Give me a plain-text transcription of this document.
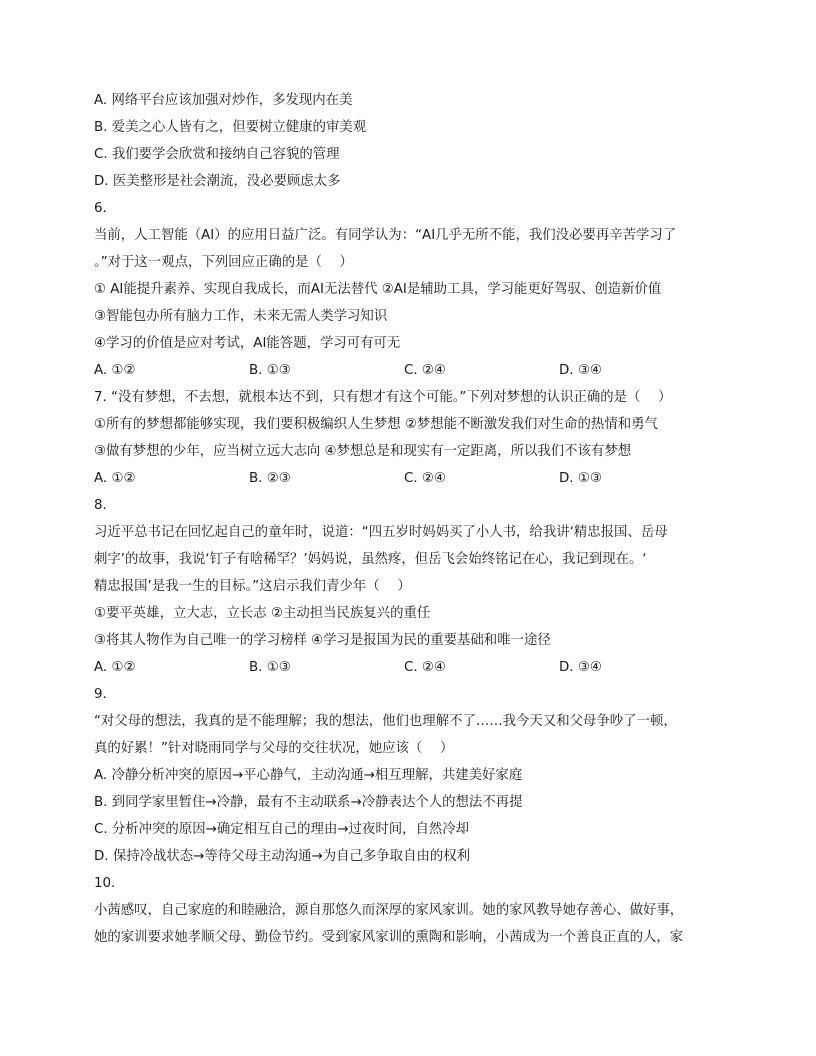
A. 网络平台应该加强对炒作，多发现内在美
B. 爱美之心人皆有之，但要树立健康的审美观
C. 我们要学会欣赏和接纳自己容貌的管理
D. 医美整形是社会潮流，没必要顾虑太多
6.
当前，人工智能（AI）的应用日益广泛。有同学认为：“AI几乎无所不能，我们没必要再辛苦学习了
。”对于这一观点，下列回应正确的是（　 ）
① AI能提升素养、实现自我成长，而AI无法替代 ②AI是辅助工具，学习能更好驾驭、创造新价值
③智能包办所有脑力工作，未来无需人类学习知识
④学习的价值是应对考试，AI能答题，学习可有可无
A. ①②	B. ①③	C. ②④	D. ③④
7. “没有梦想，不去想，就根本达不到，只有想才有这个可能。”下列对梦想的认识正确的是（　 ）
①所有的梦想都能够实现，我们要积极编织人生梦想 ②梦想能不断激发我们对生命的热情和勇气
③做有梦想的少年，应当树立远大志向 ④梦想总是和现实有一定距离，所以我们不该有梦想
A. ①②	B. ②③	C. ②④	D. ①③
8.
习近平总书记在回忆起自己的童年时，说道：“四五岁时妈妈买了小人书，给我讲‘精忠报国、岳母
刺字’的故事，我说‘钉子有啥稀罕？’妈妈说，虽然疼，但岳飞会始终铭记在心，我记到现在。‘
精忠报国’是我一生的目标。”这启示我们青少年（　 ）
①要平英雄，立大志，立长志 ②主动担当民族复兴的重任
③将其人物作为自己唯一的学习榜样 ④学习是报国为民的重要基础和唯一途径
A. ①②	B. ①③	C. ②④	D. ③④
9.
“对父母的想法，我真的是不能理解；我的想法，他们也理解不了……我今天又和父母争吵了一顿，
真的好累！”针对晓雨同学与父母的交往状况，她应该（　 ）
A. 冷静分析冲突的原因→平心静气，主动沟通→相互理解，共建美好家庭
B. 到同学家里暂住→冷静，最有不主动联系→冷静表达个人的想法不再提
C. 分析冲突的原因→确定相互自己的理由→过夜时间，自然冷却
D. 保持冷战状态→等待父母主动沟通→为自己多争取自由的权利
10.
小茜感叹，自己家庭的和睦融洽，源自那悠久而深厚的家风家训。她的家风教导她存善心、做好事，
她的家训要求她孝顺父母、勤俭节约。受到家风家训的熏陶和影响，小茜成为一个善良正直的人，家
